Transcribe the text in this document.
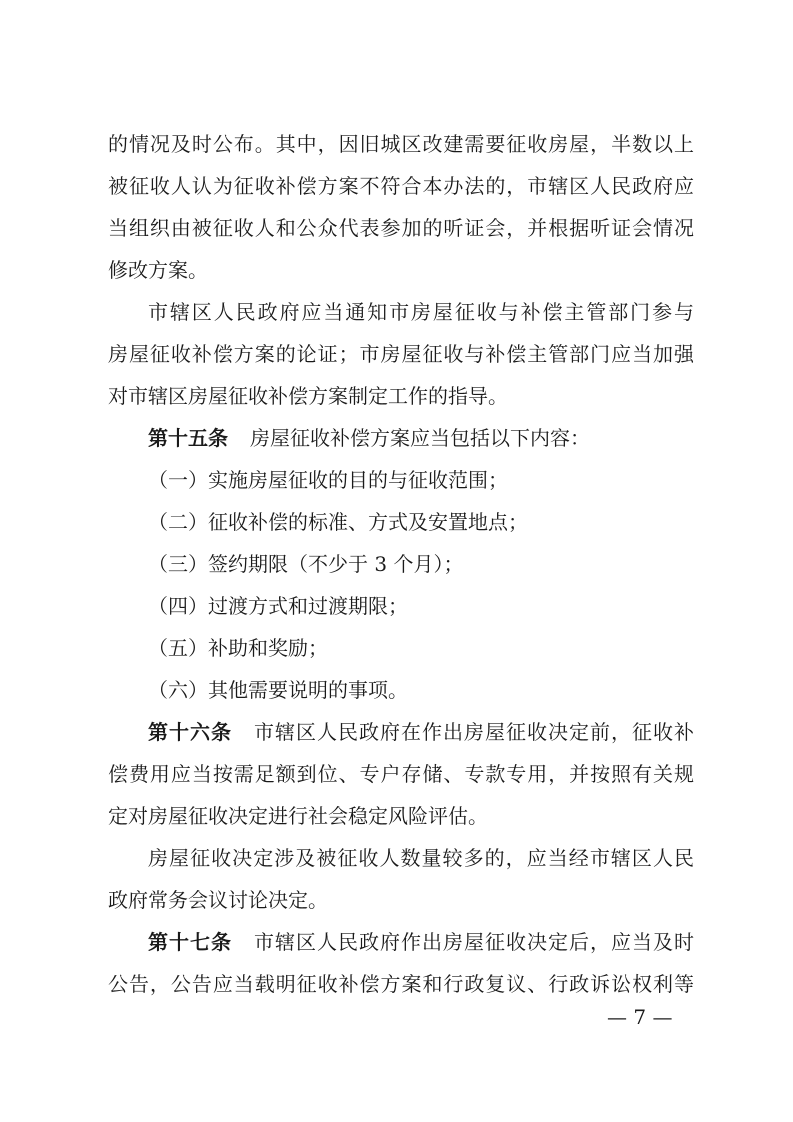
的情况及时公布。其中，因旧城区改建需要征收房屋，半数以上
被征收人认为征收补偿方案不符合本办法的，市辖区人民政府应
当组织由被征收人和公众代表参加的听证会，并根据听证会情况
修改方案。
市辖区人民政府应当通知市房屋征收与补偿主管部门参与
房屋征收补偿方案的论证；市房屋征收与补偿主管部门应当加强
对市辖区房屋征收补偿方案制定工作的指导。
第十五条 房屋征收补偿方案应当包括以下内容：
（一）实施房屋征收的目的与征收范围；
（二）征收补偿的标准、方式及安置地点；
（三）签约期限（不少于 3 个月）；
（四）过渡方式和过渡期限；
（五）补助和奖励；
（六）其他需要说明的事项。
第十六条 市辖区人民政府在作出房屋征收决定前，征收补
偿费用应当按需足额到位、专户存储、专款专用，并按照有关规
定对房屋征收决定进行社会稳定风险评估。
房屋征收决定涉及被征收人数量较多的，应当经市辖区人民
政府常务会议讨论决定。
第十七条 市辖区人民政府作出房屋征收决定后，应当及时
公告，公告应当载明征收补偿方案和行政复议、行政诉讼权利等
— 7 —
